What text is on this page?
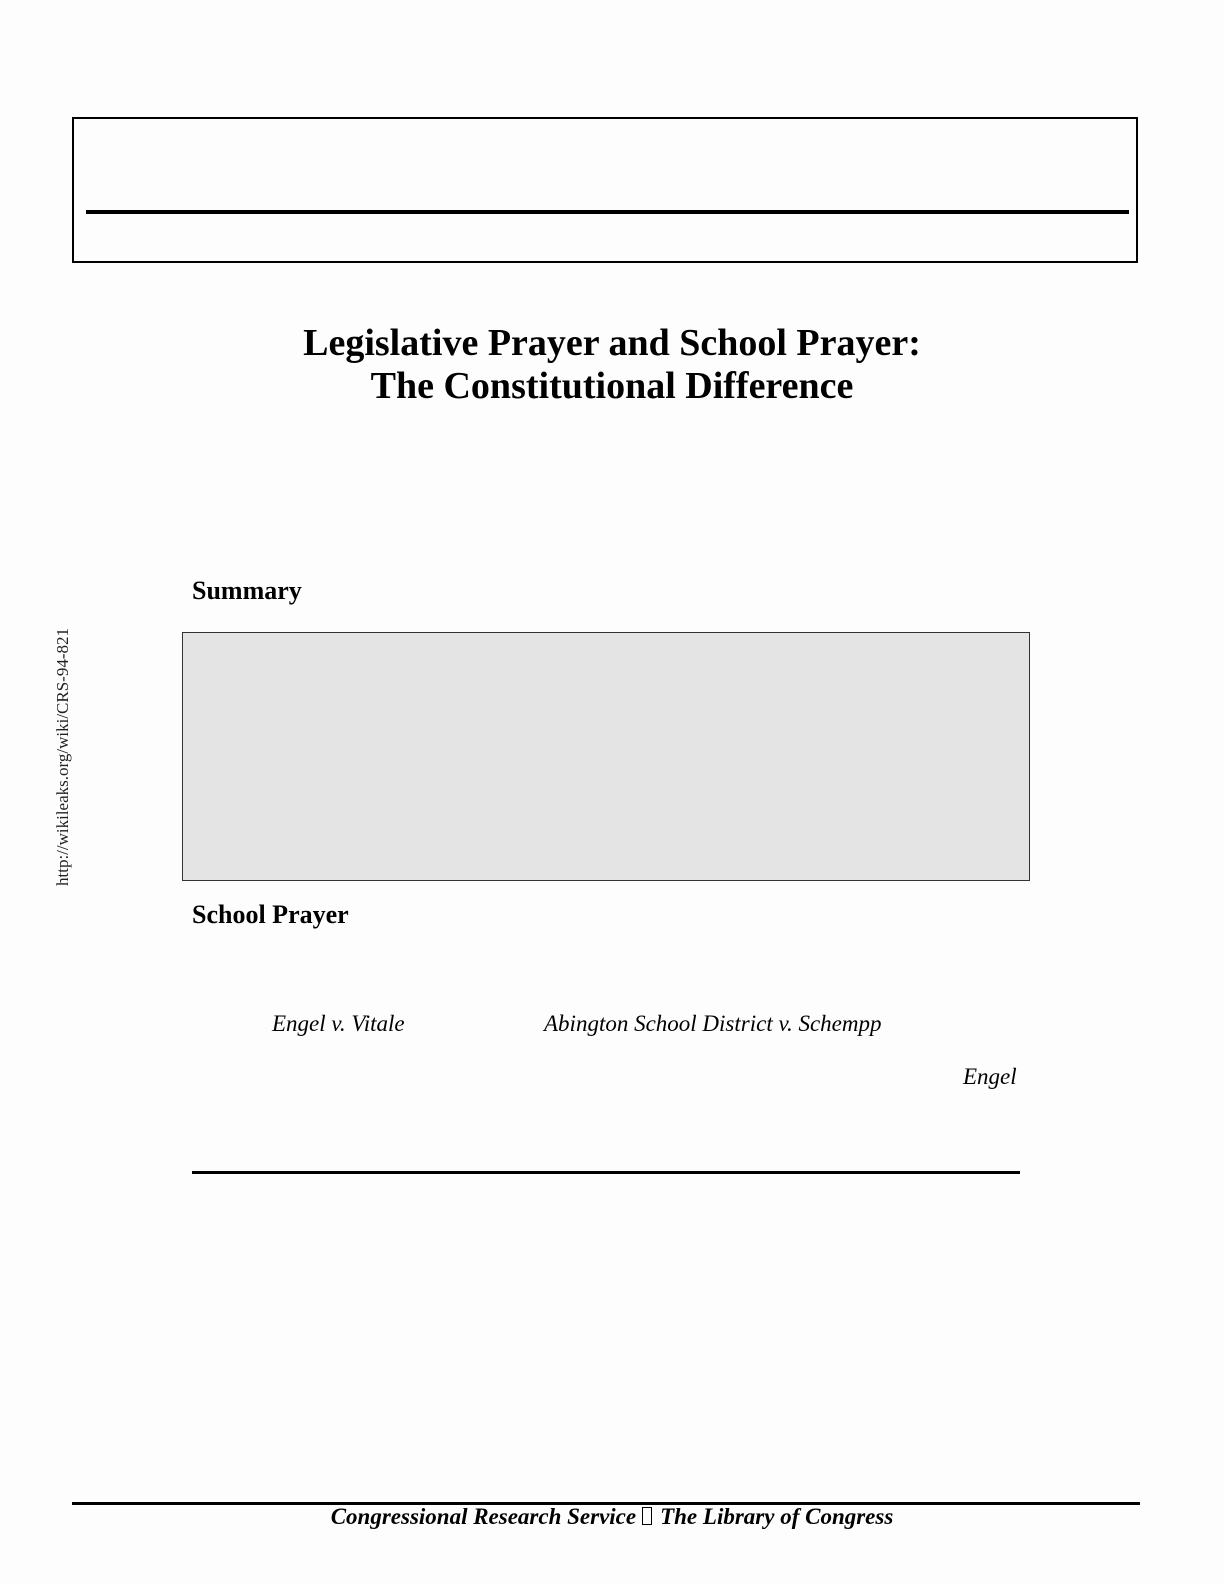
Legislative Prayer and School Prayer:
The Constitutional Difference
http://wikileaks.org/wiki/CRS-94-821
Summary
School Prayer
Engel v. Vitale	Abington School District v. Schempp
Engel
Congressional Research Service The Library of Congress
